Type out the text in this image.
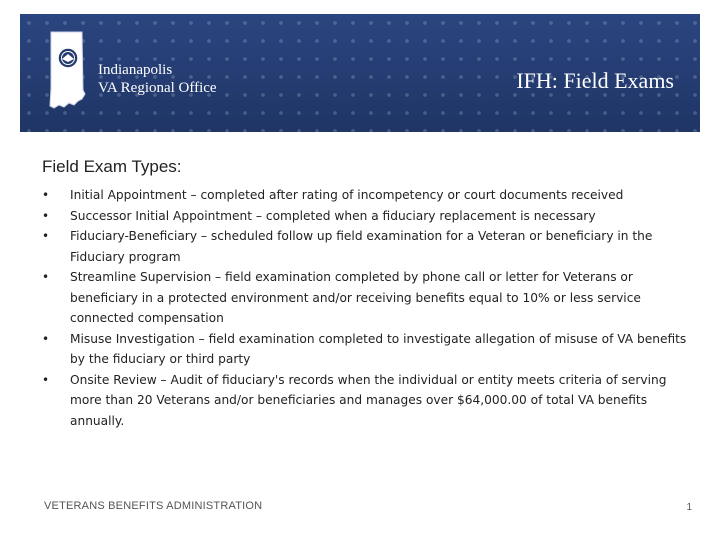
Indianapolis
VA Regional Office	IFH: Field Exams
Field Exam Types:
•	Initial Appointment – completed after rating of incompetency or court documents received
•	Successor Initial Appointment – completed when a fiduciary replacement is necessary
•	Fiduciary-Beneficiary – scheduled follow up field examination for a Veteran or beneficiary in the Fiduciary program
•	Streamline Supervision – field examination completed by phone call or letter for Veterans or beneficiary in a protected environment and/or receiving benefits equal to 10% or less service connected compensation
•	Misuse Investigation – field examination completed to investigate allegation of misuse of VA benefits by the fiduciary or third party
•	Onsite Review – Audit of fiduciary's records when the individual or entity meets criteria of serving more than 20 Veterans and/or beneficiaries and manages over $64,000.00 of total VA benefits annually.
VETERANS BENEFITS ADMINISTRATION	1
